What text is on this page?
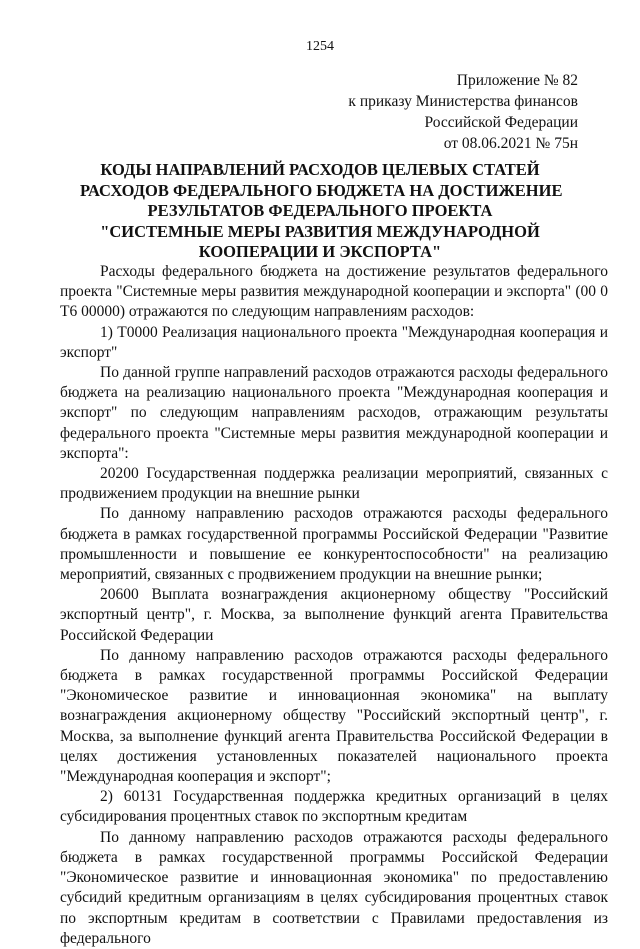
1254
Приложение № 82
к приказу Министерства финансов
Российской Федерации
от 08.06.2021 № 75н
КОДЫ НАПРАВЛЕНИЙ РАСХОДОВ ЦЕЛЕВЫХ СТАТЕЙ
РАСХОДОВ ФЕДЕРАЛЬНОГО БЮДЖЕТА НА ДОСТИЖЕНИЕ
РЕЗУЛЬТАТОВ ФЕДЕРАЛЬНОГО ПРОЕКТА
"СИСТЕМНЫЕ МЕРЫ РАЗВИТИЯ МЕЖДУНАРОДНОЙ
КООПЕРАЦИИ И ЭКСПОРТА"

Расходы федерального бюджета на достижение результатов федерального проекта "Системные меры развития международной кооперации и экспорта" (00 0 Т6 00000) отражаются по следующим направлениям расходов:

1) Т0000 Реализация национального проекта "Международная кооперация и экспорт"

По данной группе направлений расходов отражаются расходы федерального бюджета на реализацию национального проекта "Международная кооперация и экспорт" по следующим направлениям расходов, отражающим результаты федерального проекта "Системные меры развития международной кооперации и экспорта":

20200 Государственная поддержка реализации мероприятий, связанных с продвижением продукции на внешние рынки

По данному направлению расходов отражаются расходы федерального бюджета в рамках государственной программы Российской Федерации "Развитие промышленности и повышение ее конкурентоспособности" на реализацию мероприятий, связанных с продвижением продукции на внешние рынки;

20600 Выплата вознаграждения акционерному обществу "Российский экспортный центр", г. Москва, за выполнение функций агента Правительства Российской Федерации

По данному направлению расходов отражаются расходы федерального бюджета в рамках государственной программы Российской Федерации "Экономическое развитие и инновационная экономика" на выплату вознаграждения акционерному обществу "Российский экспортный центр", г. Москва, за выполнение функций агента Правительства Российской Федерации в целях достижения установленных показателей национального проекта "Международная кооперация и экспорт";

2) 60131 Государственная поддержка кредитных организаций в целях субсидирования процентных ставок по экспортным кредитам

По данному направлению расходов отражаются расходы федерального бюджета в рамках государственной программы Российской Федерации "Экономическое развитие и инновационная экономика" по предоставлению субсидий кредитным организациям в целях субсидирования процентных ставок по экспортным кредитам в соответствии с Правилами предоставления из федерального
